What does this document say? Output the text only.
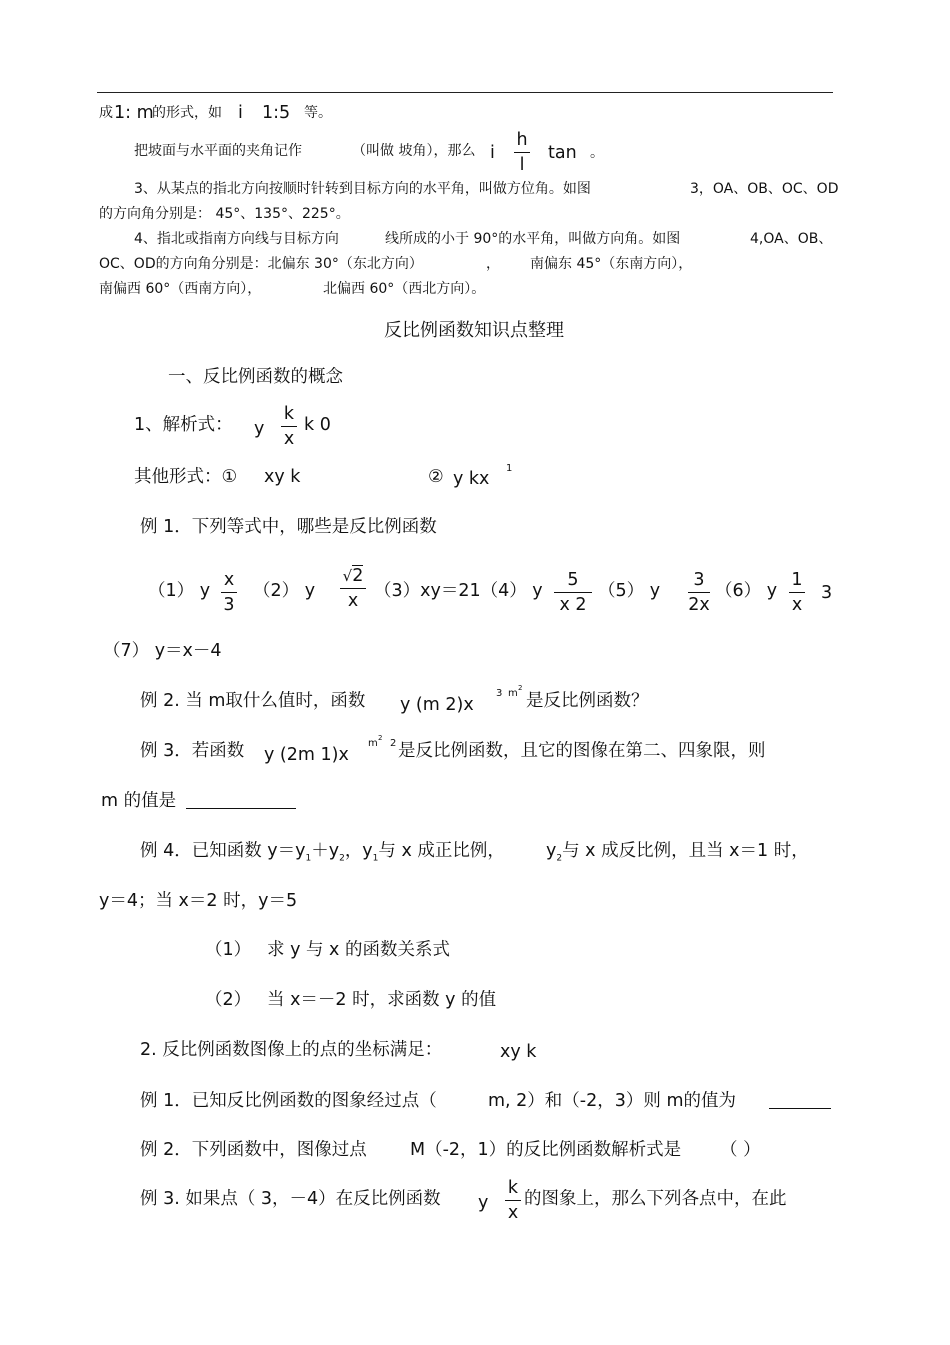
成 1: m
的形式，如 i 1:5 等。
把坡面与水平面的夹角记作	（叫做 坡角），那么 i
h
l
tan 。
3、从某点的指北方向按顺时针转到目标方向的水平角，叫做方位角。如图	3，OA、OB、OC、OD
的方向角分别是： 45°、135°、225°。
4、指北或指南方向线与目标方向	线所成的小于 90°的水平角，叫做方向角。如图	4,OA、OB、
OC、OD的方向角分别是：北偏东 30°（东北方向）	， 南偏东 45°（东南方向），
南偏西 60°（西南方向），	北偏西 60°（西北方向）。
反比例函数知识点整理
一、反比例函数的概念
1、解析式： y
k
x
k 0
其他形式：① xy k	② y kx
1
例 1．下列等式中，哪些是反比例函数
（1） y
x
3
（2） y
√2
x （3）xy＝21（4） y
5
x 2
（5） y
3
2x
（6） y
1
x
3
（7） y＝x－4
例 2. 当 m取什么值时，函数 y (m 2)x
3 m 2
是反比例函数？
例 3．若函数 y (2m 1)x
m 2 2 是反比例函数，且它的图像在第二、四象限，则
m 的值是
例 4．已知函数 $y=y_1+y_2$，$y_1$与 x 成正比例， $y_2$与 x 成反比例，且当 x＝1 时，
y＝4；当 x＝2 时，y＝5
（1） 求 y 与 x 的函数关系式
（2） 当 x＝－2 时，求函数 y 的值
2. 反比例函数图像上的点的坐标满足：	xy k
例 1．已知反比例函数的图象经过点（	m, 2）和（-2，3）则 m的值为
例 2．下列函数中，图像过点 M（-2，1）的反比例函数解析式是 （ ）
例 3. 如果点（ 3，－4）在反比例函数 y
k
x
的图象上，那么下列各点中，在此
